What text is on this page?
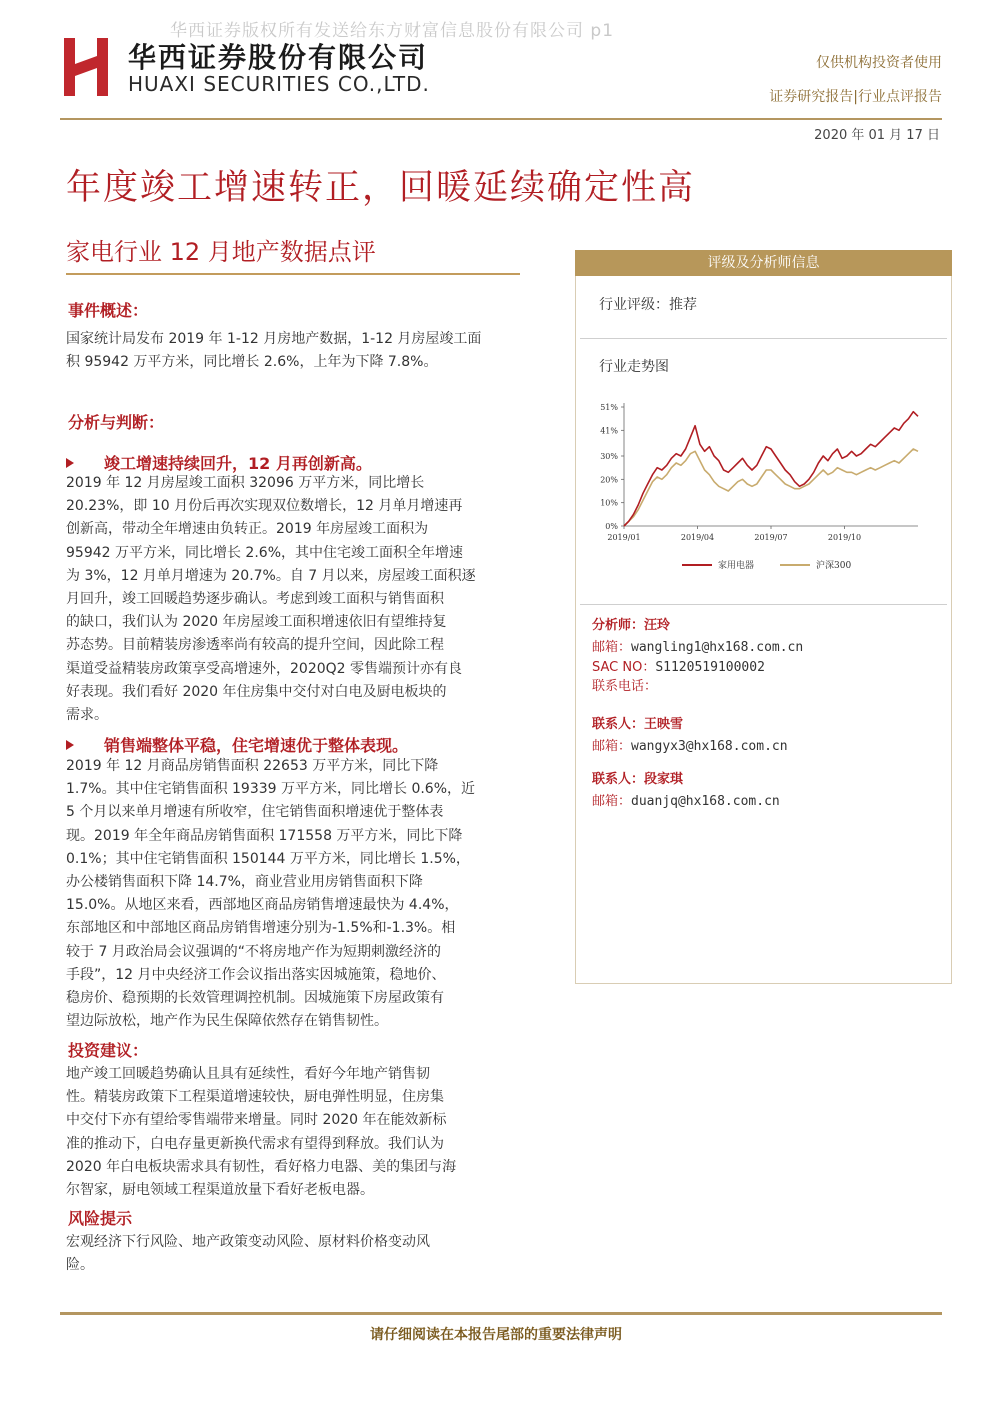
华西证券版权所有发送给东方财富信息股份有限公司 p1
华西证券股份有限公司
HUAXI SECURITIES CO.,LTD.
仅供机构投资者使用
证券研究报告|行业点评报告
2020 年 01 月 17 日
年度竣工增速转正，回暖延续确定性高
家电行业 12 月地产数据点评
事件概述：
国家统计局发布 2019 年 1-12 月房地产数据，1-12 月房屋竣工面
积 95942 万平方米，同比增长 2.6%，上年为下降 7.8%。
分析与判断：
竣工增速持续回升，12 月再创新高。
2019 年 12 月房屋竣工面积 32096 万平方米，同比增长
20.23%，即 10 月份后再次实现双位数增长，12 月单月增速再
创新高，带动全年增速由负转正。2019 年房屋竣工面积为
95942 万平方米，同比增长 2.6%，其中住宅竣工面积全年增速
为 3%，12 月单月增速为 20.7%。自 7 月以来，房屋竣工面积逐
月回升，竣工回暖趋势逐步确认。考虑到竣工面积与销售面积
的缺口，我们认为 2020 年房屋竣工面积增速依旧有望维持复
苏态势。目前精装房渗透率尚有较高的提升空间，因此除工程
渠道受益精装房政策享受高增速外，2020Q2 零售端预计亦有良
好表现。我们看好 2020 年住房集中交付对白电及厨电板块的
需求。
销售端整体平稳，住宅增速优于整体表现。
2019 年 12 月商品房销售面积 22653 万平方米，同比下降
1.7%。其中住宅销售面积 19339 万平方米，同比增长 0.6%，近
5 个月以来单月增速有所收窄，住宅销售面积增速优于整体表
现。2019 年全年商品房销售面积 171558 万平方米，同比下降
0.1%；其中住宅销售面积 150144 万平方米，同比增长 1.5%，
办公楼销售面积下降 14.7%，商业营业用房销售面积下降
15.0%。从地区来看，西部地区商品房销售增速最快为 4.4%，
东部地区和中部地区商品房销售增速分别为-1.5%和-1.3%。相
较于 7 月政治局会议强调的“不将房地产作为短期刺激经济的
手段”，12 月中央经济工作会议指出落实因城施策，稳地价、
稳房价、稳预期的长效管理调控机制。因城施策下房屋政策有
望边际放松，地产作为民生保障依然存在销售韧性。
投资建议：
地产竣工回暖趋势确认且具有延续性，看好今年地产销售韧
性。精装房政策下工程渠道增速较快，厨电弹性明显，住房集
中交付下亦有望给零售端带来增量。同时 2020 年在能效新标
准的推动下，白电存量更新换代需求有望得到释放。我们认为
2020 年白电板块需求具有韧性，看好格力电器、美的集团与海
尔智家，厨电领域工程渠道放量下看好老板电器。
风险提示
宏观经济下行风险、地产政策变动风险、原材料价格变动风
险。
评级及分析师信息
行业评级：推荐
行业走势图
51%
41%
30%
20%
10%
0%
2019/01	2019/04	2019/07	2019/10
家用电器	沪深300
分析师：汪玲
邮箱：wangling1@hx168.com.cn
SAC NO：S1120519100002
联系电话：
联系人：王映雪
邮箱：wangyx3@hx168.com.cn
联系人：段家琪
邮箱：duanjq@hx168.com.cn
请仔细阅读在本报告尾部的重要法律声明
